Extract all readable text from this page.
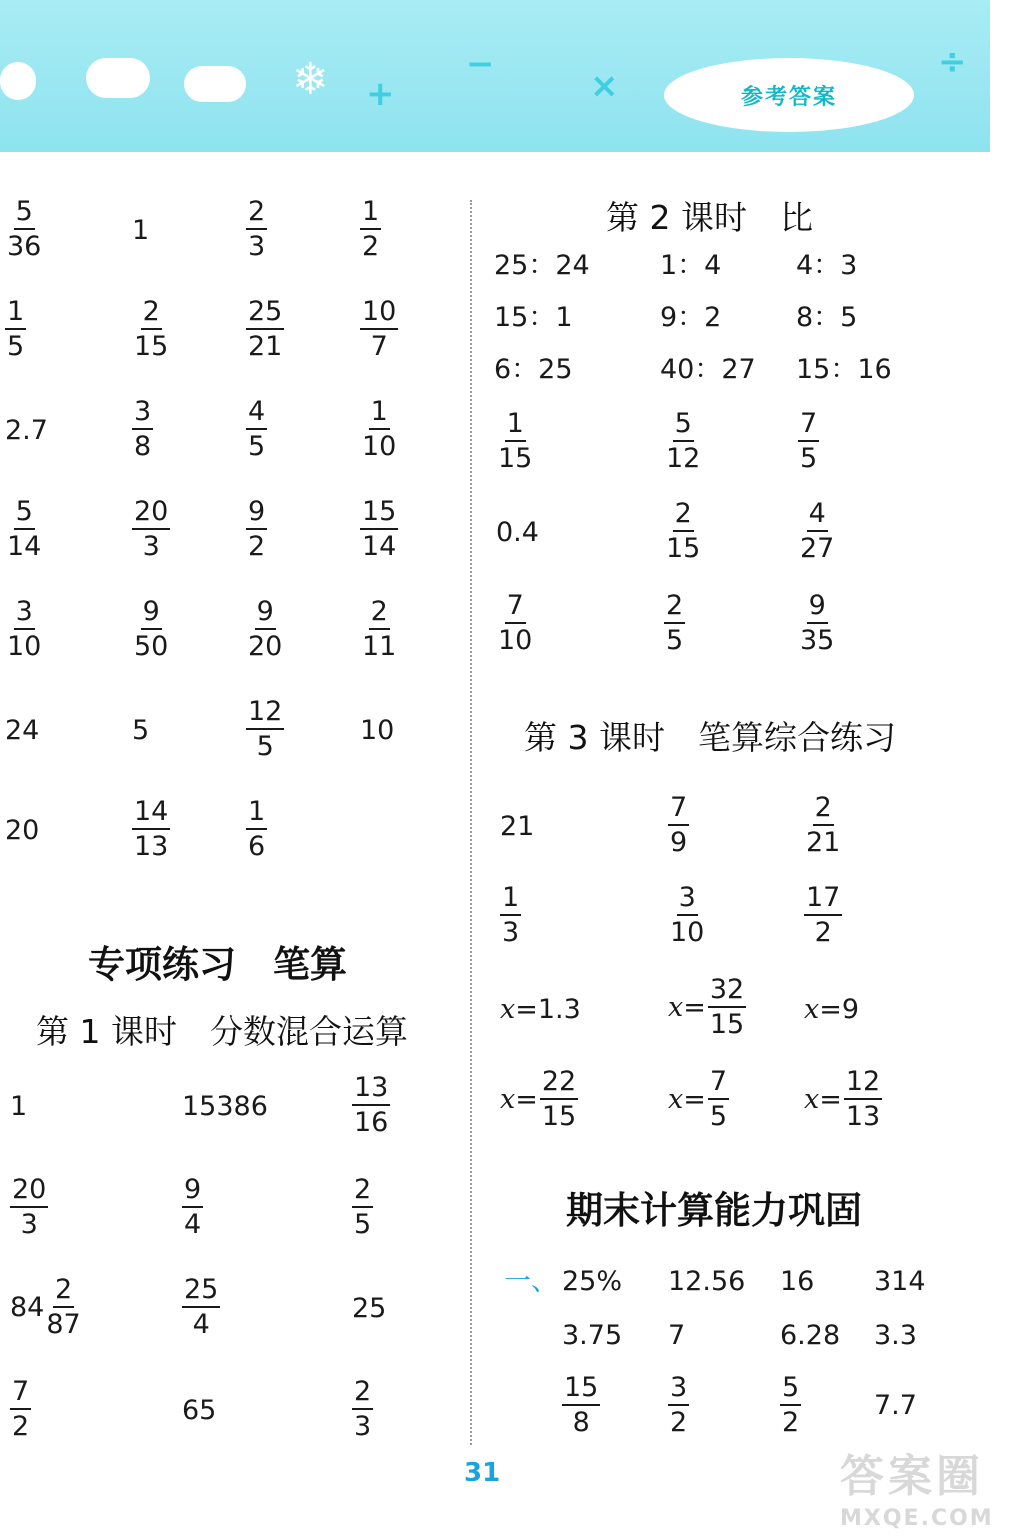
❄ +
−
×
÷
参考答案
$\frac{5}{36}$	1	$\frac{2}{3}$	$\frac{1}{2}$
$\frac{1}{5}$	$\frac{2}{15}$	$\frac{25}{21}$	$\frac{10}{7}$
2.7	$\frac{3}{8}$	$\frac{4}{5}$	$\frac{1}{10}$
$\frac{5}{14}$	$\frac{20}{3}$	$\frac{9}{2}$	$\frac{15}{14}$
$\frac{3}{10}$	$\frac{9}{50}$	$\frac{9}{20}$	$\frac{2}{11}$
24	5	$\frac{12}{5}$	10
20	$\frac{14}{13}$	$\frac{1}{6}$
专项练习　笔算
第 1 课时　分数混合运算
1	15386	$\frac{13}{16}$
$\frac{20}{3}$	$\frac{9}{4}$	$\frac{2}{5}$
$84 \frac{2}{87}$	$\frac{25}{4}$	25
$\frac{7}{2}$	65	$\frac{2}{3}$
第 2 课时　比
25：24	1：4	4：3
15：1	9：2	8：5
6：25	40：27 15：16
$\frac{1}{15}$	$\frac{5}{12}$	$\frac{7}{5}$
0.4	$\frac{2}{15}$	$\frac{4}{27}$
$\frac{7}{10}$	$\frac{2}{5}$	$\frac{9}{35}$
第 3 课时　笔算综合练习
21	$\frac{7}{9}$	$\frac{2}{21}$
$\frac{1}{3}$	$\frac{3}{10}$	$\frac{17}{2}$
x = 1.3	$x = \frac{32}{15}$ x = 9
$x = \frac{22}{15}$	$x = \frac{7}{5}$	$x = \frac{12}{13}$
期末计算能力巩固
一、 25% 12.56 16 314
3.75 7	6.28 3.3
$\frac{15}{8}$	$\frac{3}{2}$	$\frac{5}{2}$	7.7
31	答案圈
MXQE.COM
